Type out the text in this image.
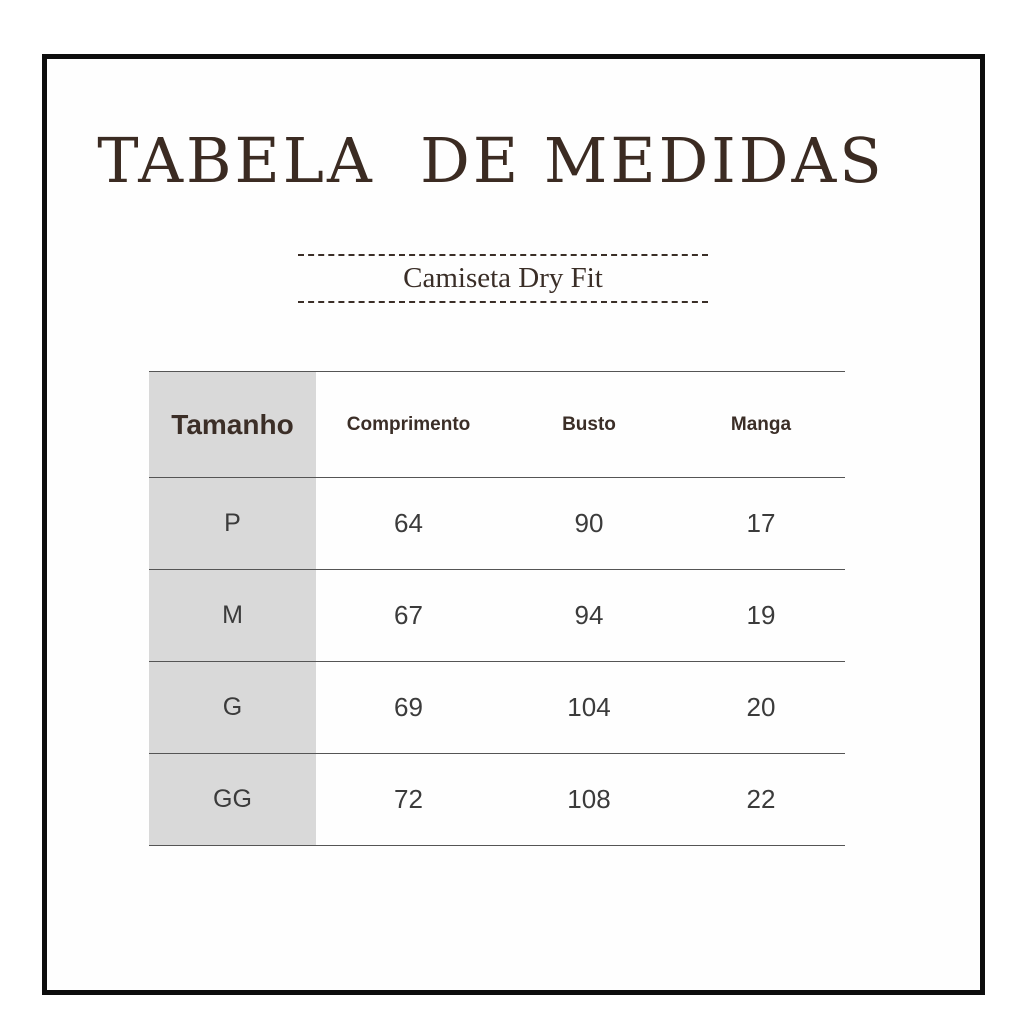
TABELA  DE MEDIDAS
Camiseta Dry Fit
Tamanho	Comprimento	Busto	Manga
P	64	90	17
M	67	94	19
G	69	104	20
GG	72	108	22
